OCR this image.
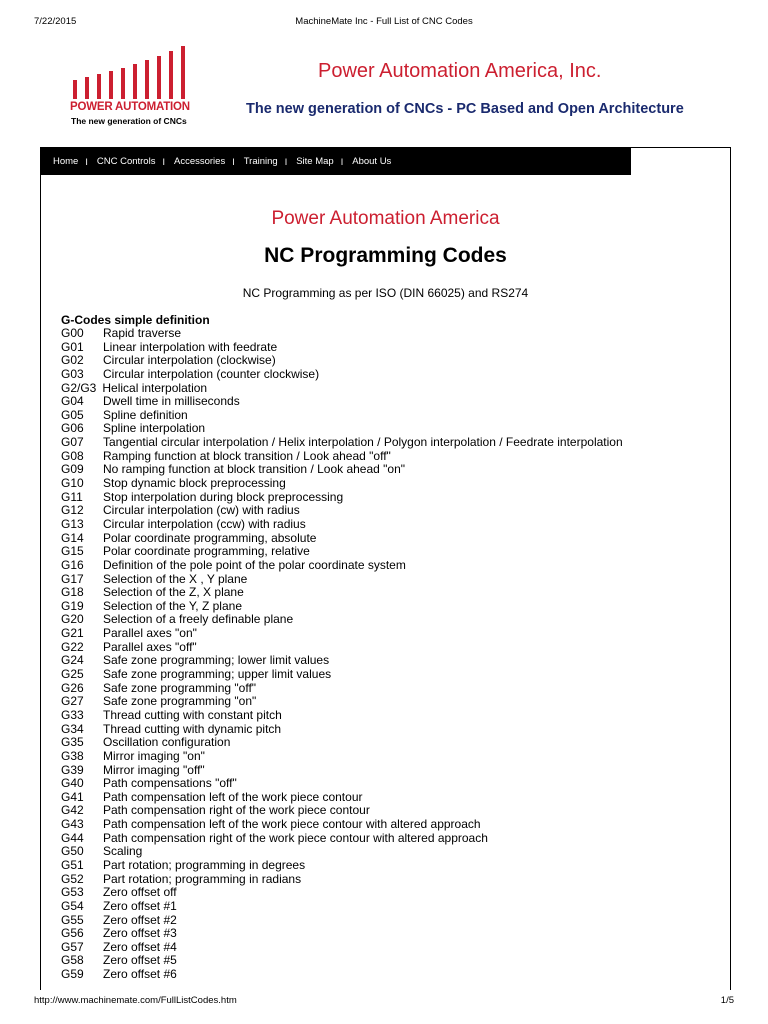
7/22/2015	MachineMate Inc - Full List of CNC Codes
POWER AUTOMATION
The new generation of CNCs
Power Automation America, Inc.
The new generation of CNCs - PC Based and Open Architecture
Home I CNC Controls I Accessories I Training I Site Map I About Us
Power Automation America
NC Programming Codes
NC Programming as per ISO (DIN 66025) and RS274
G-Codes simple definition
G00	Rapid traverse
G01	Linear interpolation with feedrate
G02	Circular interpolation (clockwise)
G03	Circular interpolation (counter clockwise)
G2/G3 Helical interpolation
G04	Dwell time in milliseconds
G05	Spline definition
G06	Spline interpolation
G07	Tangential circular interpolation / Helix interpolation / Polygon interpolation / Feedrate interpolation
G08	Ramping function at block transition / Look ahead "off"
G09	No ramping function at block transition / Look ahead "on"
G10	Stop dynamic block preprocessing
G11	Stop interpolation during block preprocessing
G12	Circular interpolation (cw) with radius
G13	Circular interpolation (ccw) with radius
G14	Polar coordinate programming, absolute
G15	Polar coordinate programming, relative
G16	Definition of the pole point of the polar coordinate system
G17	Selection of the X , Y plane
G18	Selection of the Z, X plane
G19	Selection of the Y, Z plane
G20	Selection of a freely definable plane
G21	Parallel axes "on"
G22	Parallel axes "off"
G24	Safe zone programming; lower limit values
G25	Safe zone programming; upper limit values
G26	Safe zone programming "off"
G27	Safe zone programming "on"
G33	Thread cutting with constant pitch
G34	Thread cutting with dynamic pitch
G35	Oscillation configuration
G38	Mirror imaging "on"
G39	Mirror imaging "off"
G40	Path compensations "off"
G41	Path compensation left of the work piece contour
G42	Path compensation right of the work piece contour
G43	Path compensation left of the work piece contour with altered approach
G44	Path compensation right of the work piece contour with altered approach
G50	Scaling
G51	Part rotation; programming in degrees
G52	Part rotation; programming in radians
G53	Zero offset off
G54	Zero offset #1
G55	Zero offset #2
G56	Zero offset #3
G57	Zero offset #4
G58	Zero offset #5
G59	Zero offset #6
http://www.machinemate.com/FullListCodes.htm	1/5
